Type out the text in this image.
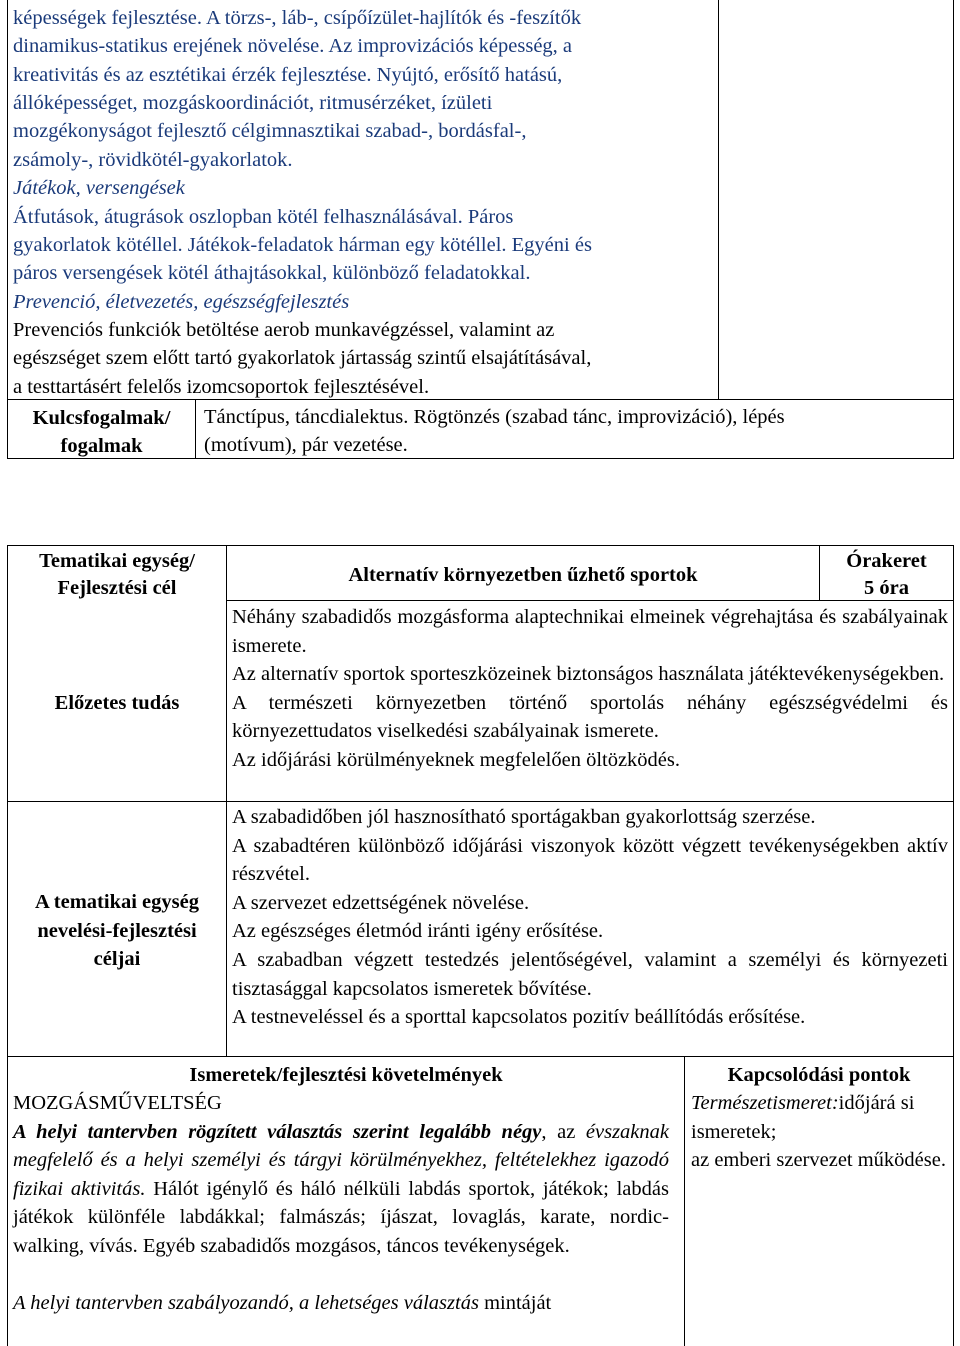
képességek fejlesztése. A törzs-, láb-, csípőízület-hajlítók és -feszítők
dinamikus-statikus erejének növelése. Az improvizációs képesség, a
kreativitás és az esztétikai érzék fejlesztése. Nyújtó, erősítő hatású,
állóképességet, mozgáskoordinációt, ritmusérzéket, ízületi
mozgékonyságot fejlesztő célgimnasztikai szabad-, bordásfal-,
zsámoly-, rövidkötél-gyakorlatok.
Játékok, versengések
Átfutások, átugrások oszlopban kötél felhasználásával. Páros
gyakorlatok kötéllel. Játékok-feladatok hárman egy kötéllel. Egyéni és
páros versengések kötél áthajtásokkal, különböző feladatokkal.
Prevenció, életvezetés, egészségfejlesztés
Prevenciós funkciók betöltése aerob munkavégzéssel, valamint az
egészséget szem előtt tartó gyakorlatok jártasság szintű elsajátításával,
a testtartásért felelős izomcsoportok fejlesztésével.
Kulcsfogalmak/
fogalmak
Tánctípus, táncdialektus. Rögtönzés (szabad tánc, improvizáció), lépés
(motívum), pár vezetése.
Tematikai egység/
Fejlesztési cél
Alternatív környezetben űzhető sportok
Órakeret
5 óra
Előzetes tudás
Néhány szabadidős mozgásforma alaptechnikai elmeinek végrehajtása és szabályainak ismerete.
Az alternatív sportok sporteszközeinek biztonságos használata játéktevékenységekben.
A természeti környezetben történő sportolás néhány egészségvédelmi és környezettudatos viselkedési szabályainak ismerete.
Az időjárási körülményeknek megfelelően öltözködés.
A tematikai egység
nevelési-fejlesztési
céljai
A szabadidőben jól hasznosítható sportágakban gyakorlottság szerzése.
A szabadtéren különböző időjárási viszonyok között végzett tevékenységekben aktív részvétel.
A szervezet edzettségének növelése.
Az egészséges életmód iránti igény erősítése.
A szabadban végzett testedzés jelentőségével, valamint a személyi és környezeti tisztasággal kapcsolatos ismeretek bővítése.
A testneveléssel és a sporttal kapcsolatos pozitív beállítódás erősítése.
Ismeretek/fejlesztési követelmények	Kapcsolódási pontok
MOZGÁSMŰVELTSÉG
A helyi tantervben rögzített választás szerint legalább négy, az évszaknak megfelelő és a helyi személyi és tárgyi körülményekhez, feltételekhez igazodó fizikai aktivitás. Hálót igénylő és háló nélküli labdás sportok, játékok; labdás játékok különféle labdákkal; falmászás; íjászat, lovaglás, karate, nordic-walking, vívás. Egyéb szabadidős mozgásos, táncos tevékenységek.
A helyi tantervben szabályozandó, a lehetséges választás mintáját
Természetismeret:időjárá si ismeretek;
az emberi szervezet működése.
